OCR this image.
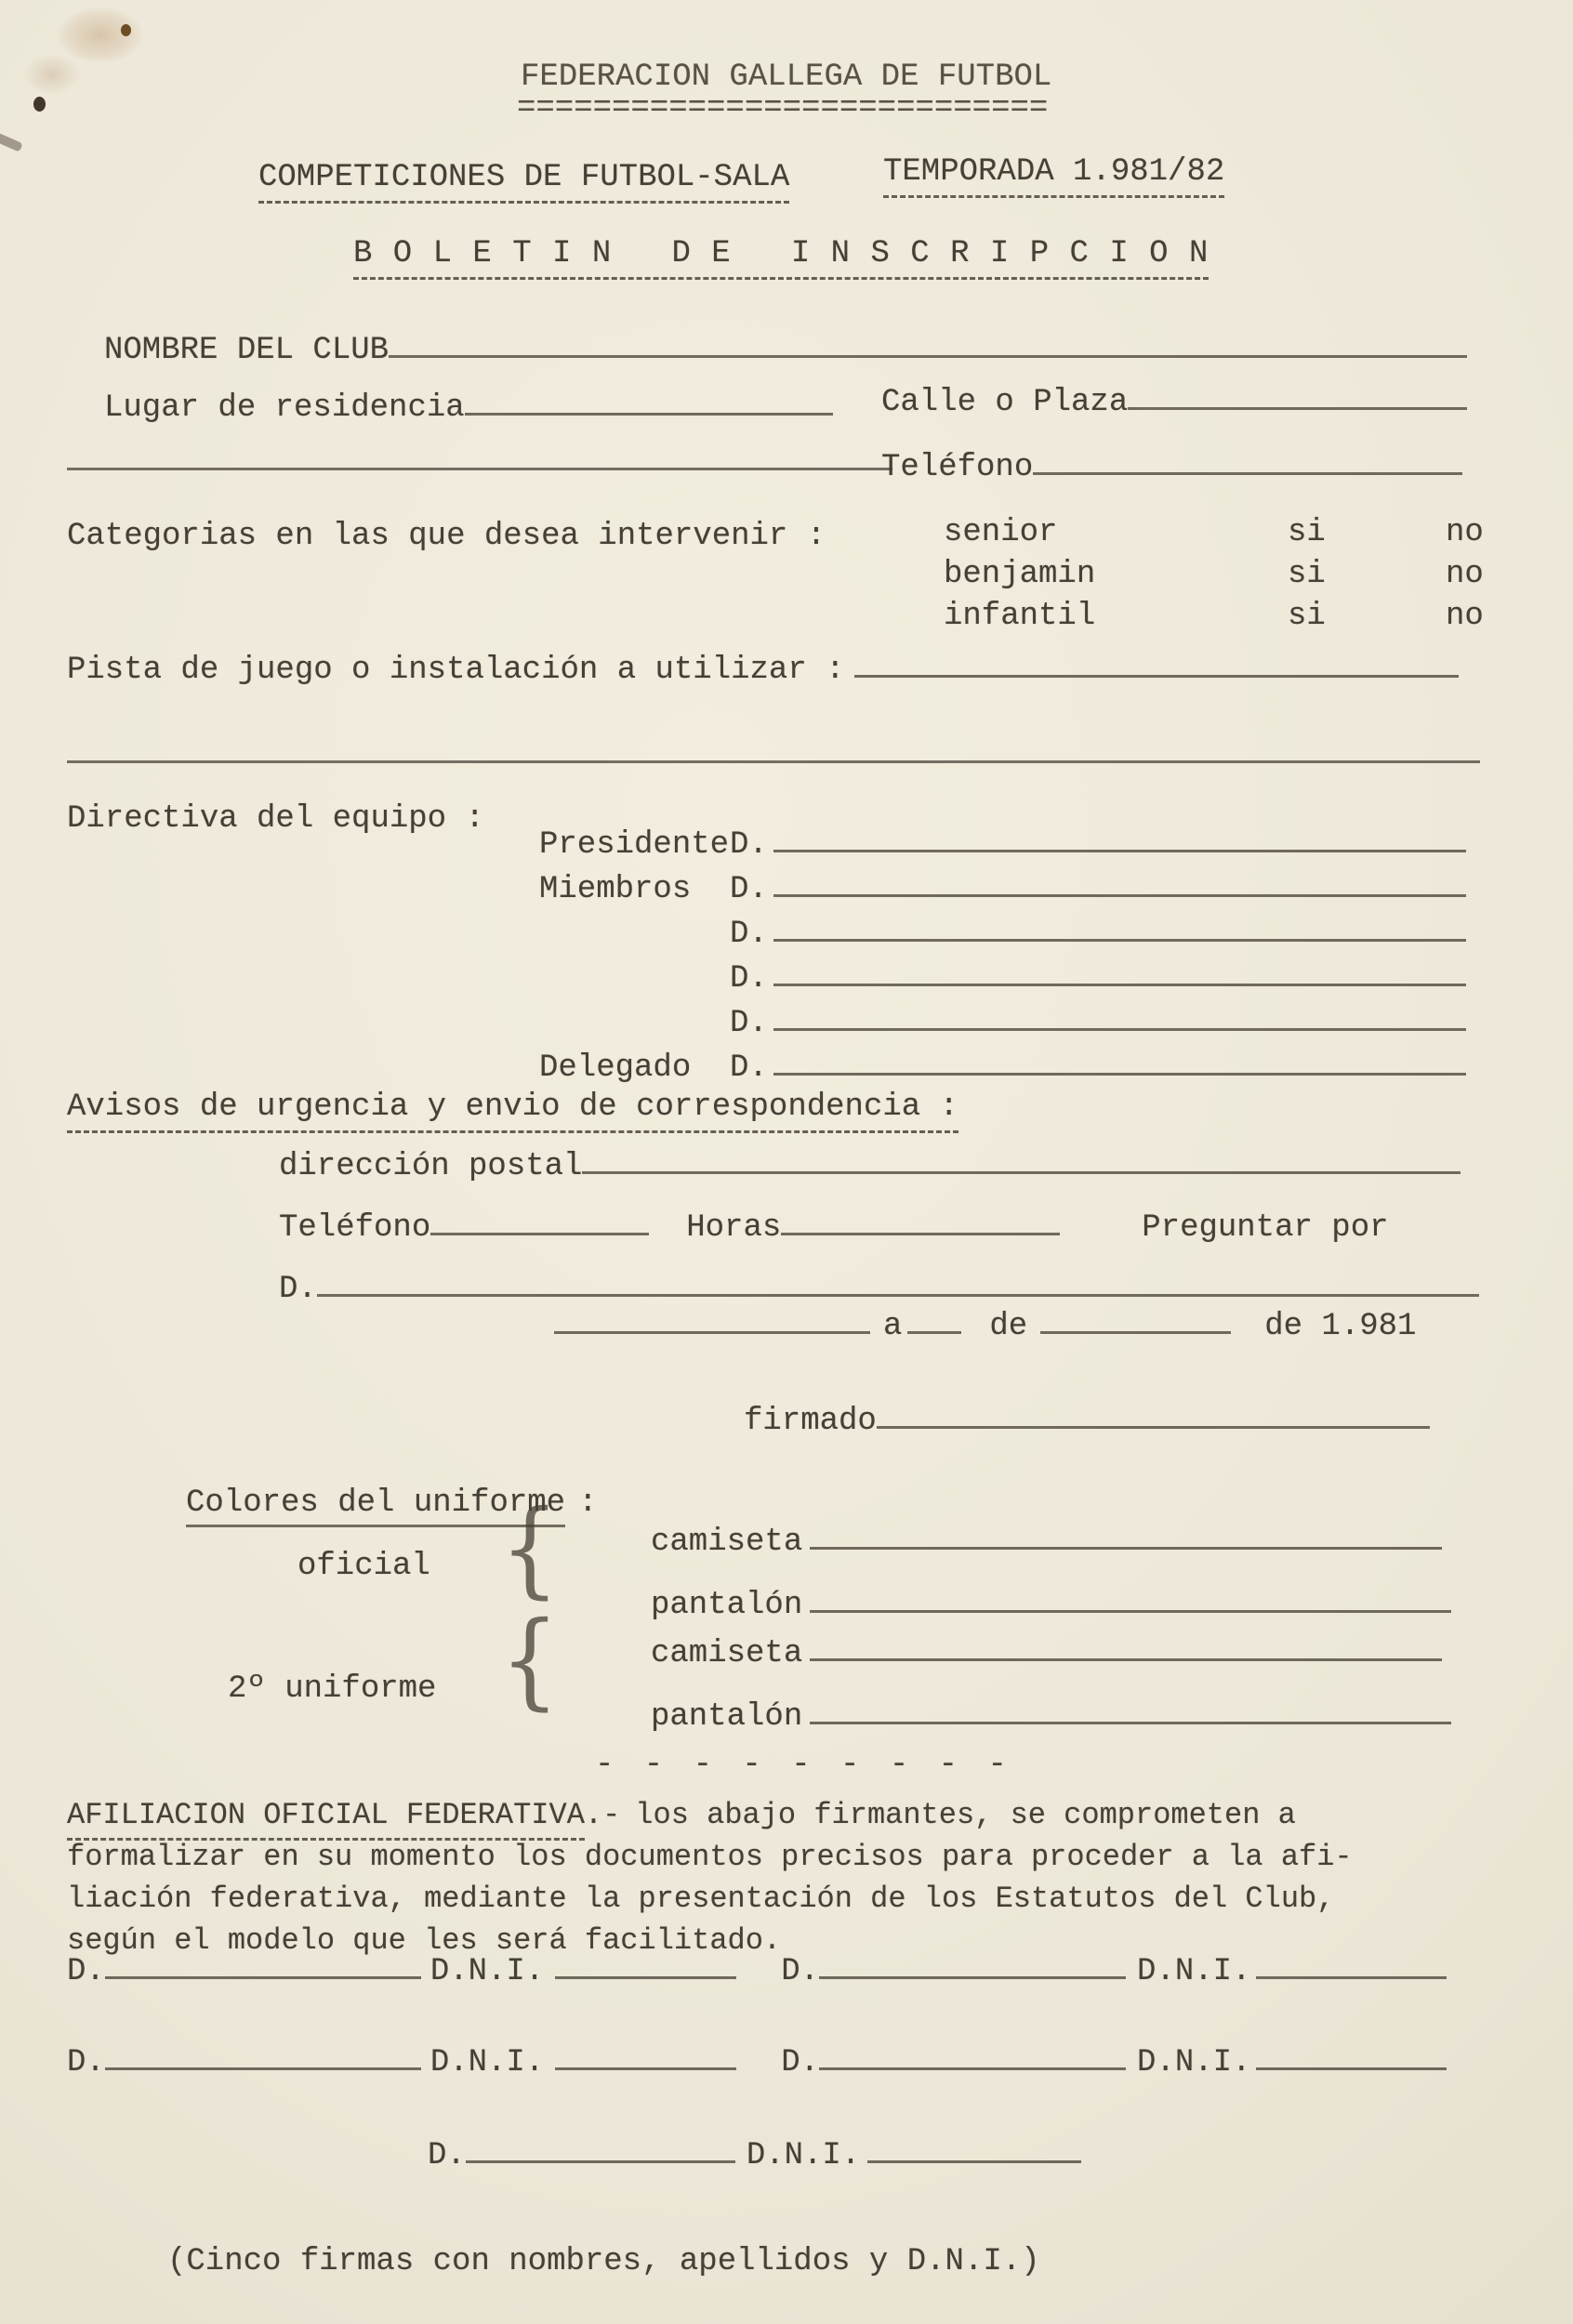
FEDERACION GALLEGA DE FUTBOL
============================
COMPETICIONES DE FUTBOL-SALA	TEMPORADA 1.981/82
B O L E T I N   D E   I N S C R I P C I O N
NOMBRE DEL CLUB
Lugar de residencia	Calle o Plaza
Teléfono
Categorias en las que desea intervenir :	senior	si	no
benjamin	si	no
infantil	si	no
Pista de juego o instalación a utilizar :
Directiva del equipo :
PresidenteD.
Miembros D.
D.
D.
D.
Delegado D.
Avisos de urgencia y envio de correspondencia :
dirección postal
Teléfono	Horas	Preguntar por
D.
a	de	de 1.981
firmado
Colores del uniforme :
oficial {	camiseta
pantalón
2º uniforme {	camiseta
pantalón
- - - - - - - - -
AFILIACION OFICIAL FEDERATIVA.- los abajo firmantes, se comprometen a
formalizar en su momento los documentos precisos para proceder a la afi-
liación federativa, mediante la presentación de los Estatutos del Club,
según el modelo que les será facilitado.
D.	D.N.I.	D.	D.N.I.
D.	D.N.I.	D.	D.N.I.
D.	D.N.I.
(Cinco firmas con nombres, apellidos y D.N.I.)
